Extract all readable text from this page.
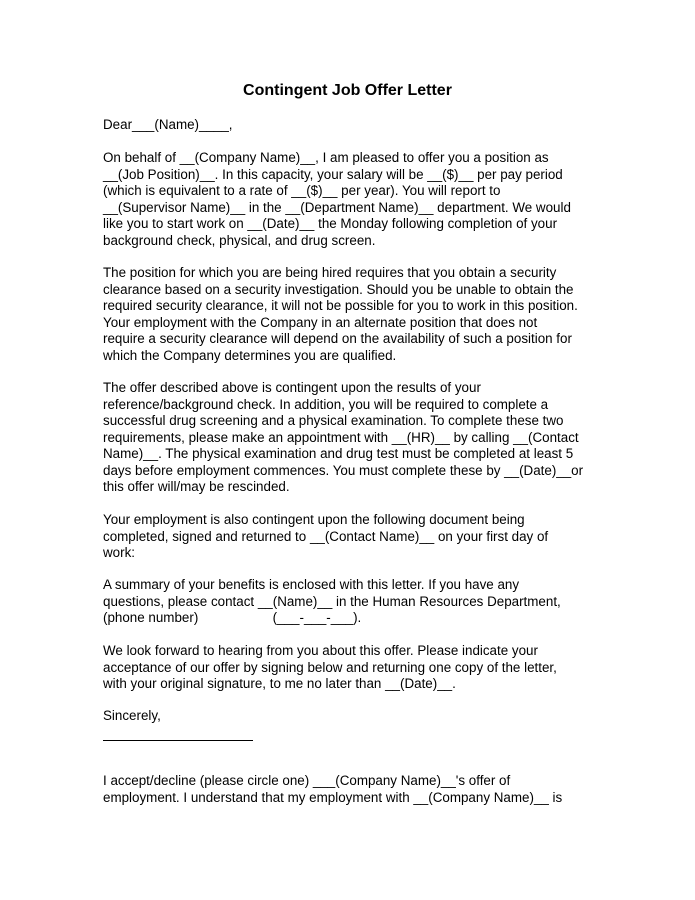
Contingent Job Offer Letter
Dear___(Name)____,
On behalf of __(Company Name)__, I am pleased to offer you a position as
__(Job Position)__. In this capacity, your salary will be __($)__ per pay period
(which is equivalent to a rate of __($)__ per year). You will report to
__(Supervisor Name)__ in the __(Department Name)__ department. We would
like you to start work on __(Date)__ the Monday following completion of your
background check, physical, and drug screen.
The position for which you are being hired requires that you obtain a security
clearance based on a security investigation. Should you be unable to obtain the
required security clearance, it will not be possible for you to work in this position.
Your employment with the Company in an alternate position that does not
require a security clearance will depend on the availability of such a position for
which the Company determines you are qualified.
The offer described above is contingent upon the results of your
reference/background check. In addition, you will be required to complete a
successful drug screening and a physical examination. To complete these two
requirements, please make an appointment with __(HR)__ by calling __(Contact
Name)__. The physical examination and drug test must be completed at least 5
days before employment commences. You must complete these by __(Date)__or
this offer will/may be rescinded.
Your employment is also contingent upon the following document being
completed, signed and returned to __(Contact Name)__ on your first day of
work:
A summary of your benefits is enclosed with this letter. If you have any
questions, please contact __(Name)__ in the Human Resources Department,
(phone number)                    (___-___-___).
We look forward to hearing from you about this offer. Please indicate your
acceptance of our offer by signing below and returning one copy of the letter,
with your original signature, to me no later than __(Date)__.
Sincerely,
I accept/decline (please circle one) ___(Company Name)__'s offer of
employment. I understand that my employment with __(Company Name)__ is
